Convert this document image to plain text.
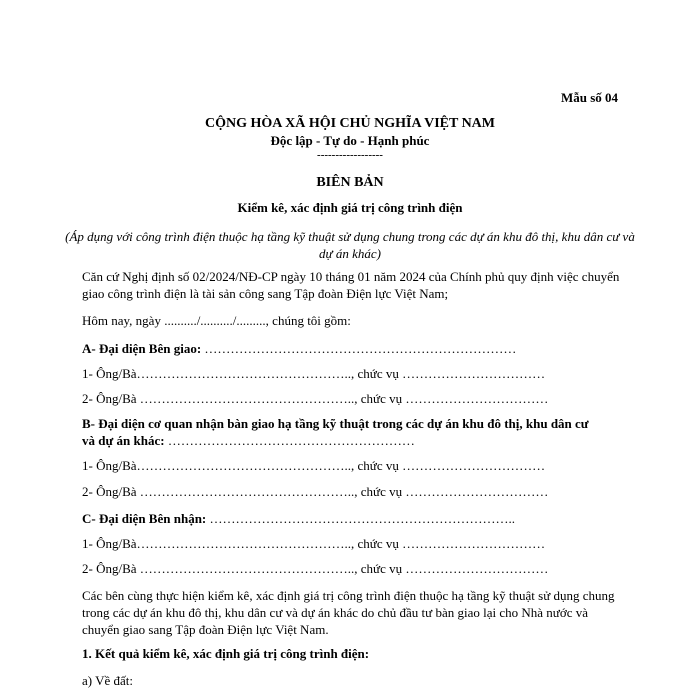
Mẫu số 04
CỘNG HÒA XÃ HỘI CHỦ NGHĨA VIỆT NAM
Độc lập - Tự do - Hạnh phúc
------------------
BIÊN BẢN
Kiểm kê, xác định giá trị công trình điện
(Áp dụng với công trình điện thuộc hạ tầng kỹ thuật sử dụng chung trong các dự án khu đô thị, khu dân cư và dự án khác)
Căn cứ Nghị định số 02/2024/NĐ-CP ngày 10 tháng 01 năm 2024 của Chính phủ quy định việc chuyển giao công trình điện là tài sản công sang Tập đoàn Điện lực Việt Nam;
Hôm nay, ngày ........../........../........., chúng tôi gồm:
A- Đại diện Bên giao: ………………………………………………………………
1- Ông/Bà………………………………………….., chức vụ ……………………………
2- Ông/Bà ………………………………………….., chức vụ ……………………………
B- Đại diện cơ quan nhận bàn giao hạ tầng kỹ thuật trong các dự án khu đô thị, khu dân cư
và dự án khác: …………………………………………………
1- Ông/Bà………………………………………….., chức vụ ……………………………
2- Ông/Bà ………………………………………….., chức vụ ……………………………
C- Đại diện Bên nhận: ……………………………………………………………..
1- Ông/Bà………………………………………….., chức vụ ……………………………
2- Ông/Bà ………………………………………….., chức vụ ……………………………
Các bên cùng thực hiện kiểm kê, xác định giá trị công trình điện thuộc hạ tầng kỹ thuật sử dụng chung trong các dự án khu đô thị, khu dân cư và dự án khác do chủ đầu tư bàn giao lại cho Nhà nước và chuyển giao sang Tập đoàn Điện lực Việt Nam.
1. Kết quả kiểm kê, xác định giá trị công trình điện:
a) Về đất:
